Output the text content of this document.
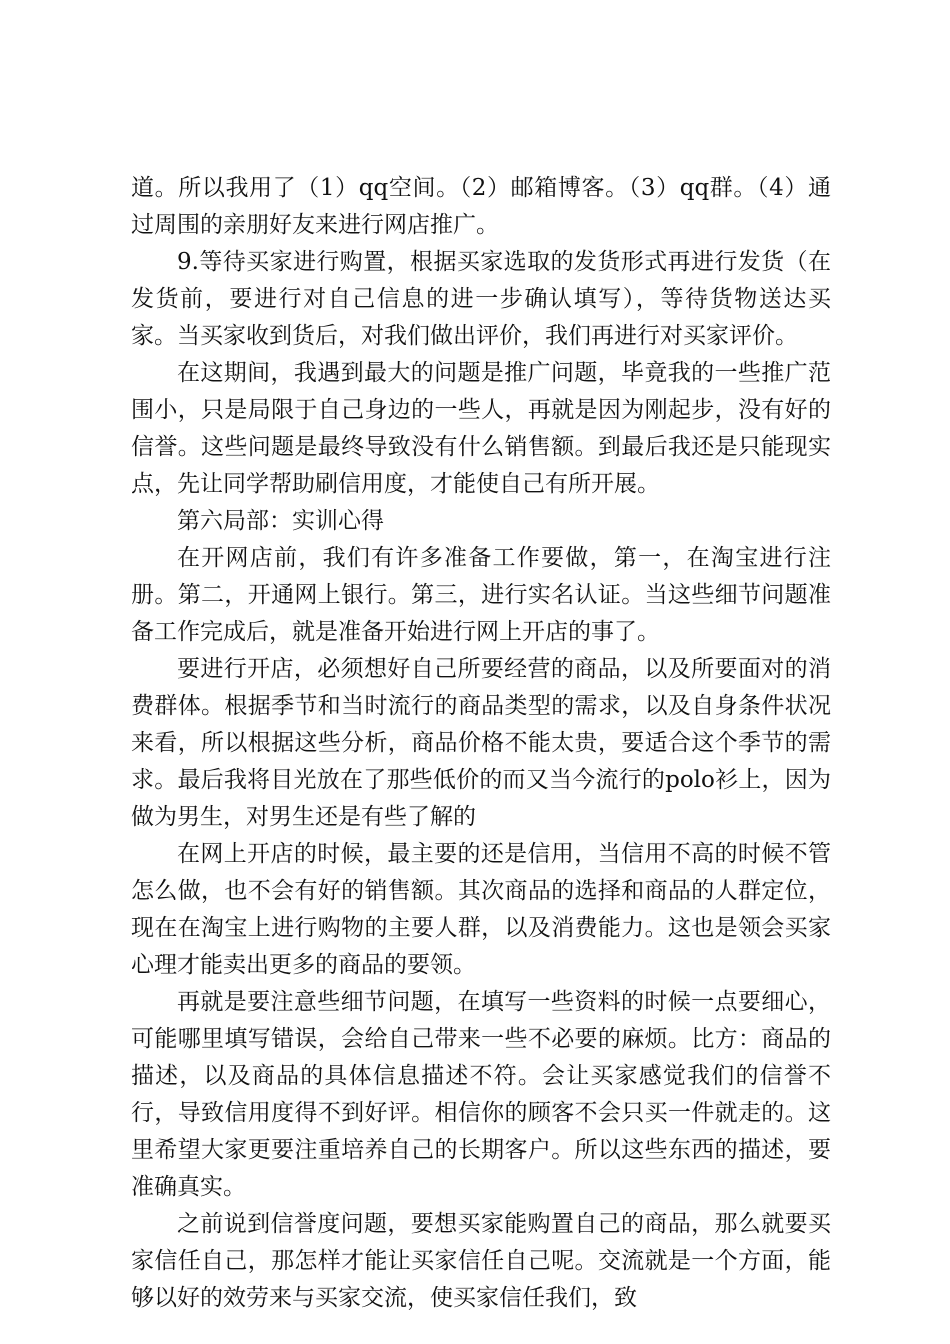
道。所以我用了（1）qq空间。（2）邮箱博客。（3）qq群。（4）通过周围的亲朋好友来进行网店推广。

9.等待买家进行购置，根据买家选取的发货形式再进行发货（在发货前，要进行对自己信息的进一步确认填写），等待货物送达买家。当买家收到货后，对我们做出评价，我们再进行对买家评价。

在这期间，我遇到最大的问题是推广问题，毕竟我的一些推广范围小，只是局限于自己身边的一些人，再就是因为刚起步，没有好的信誉。这些问题是最终导致没有什么销售额。到最后我还是只能现实点，先让同学帮助刷信用度，才能使自己有所开展。

第六局部：实训心得

在开网店前，我们有许多准备工作要做，第一，在淘宝进行注册。第二，开通网上银行。第三，进行实名认证。当这些细节问题准备工作完成后，就是准备开始进行网上开店的事了。

要进行开店，必须想好自己所要经营的商品，以及所要面对的消费群体。根据季节和当时流行的商品类型的需求，以及自身条件状况来看，所以根据这些分析，商品价格不能太贵，要适合这个季节的需求。最后我将目光放在了那些低价的而又当今流行的polo衫上，因为做为男生，对男生还是有些了解的

在网上开店的时候，最主要的还是信用，当信用不高的时候不管怎么做，也不会有好的销售额。其次商品的选择和商品的人群定位，现在在淘宝上进行购物的主要人群，以及消费能力。这也是领会买家心理才能卖出更多的商品的要领。

再就是要注意些细节问题，在填写一些资料的时候一点要细心，可能哪里填写错误，会给自己带来一些不必要的麻烦。比方：商品的描述，以及商品的具体信息描述不符。会让买家感觉我们的信誉不行，导致信用度得不到好评。相信你的顾客不会只买一件就走的。这里希望大家更要注重培养自己的长期客户。所以这些东西的描述，要准确真实。

之前说到信誉度问题，要想买家能购置自己的商品，那么就要买家信任自己，那怎样才能让买家信任自己呢。交流就是一个方面，能够以好的效劳来与买家交流，使买家信任我们，致
